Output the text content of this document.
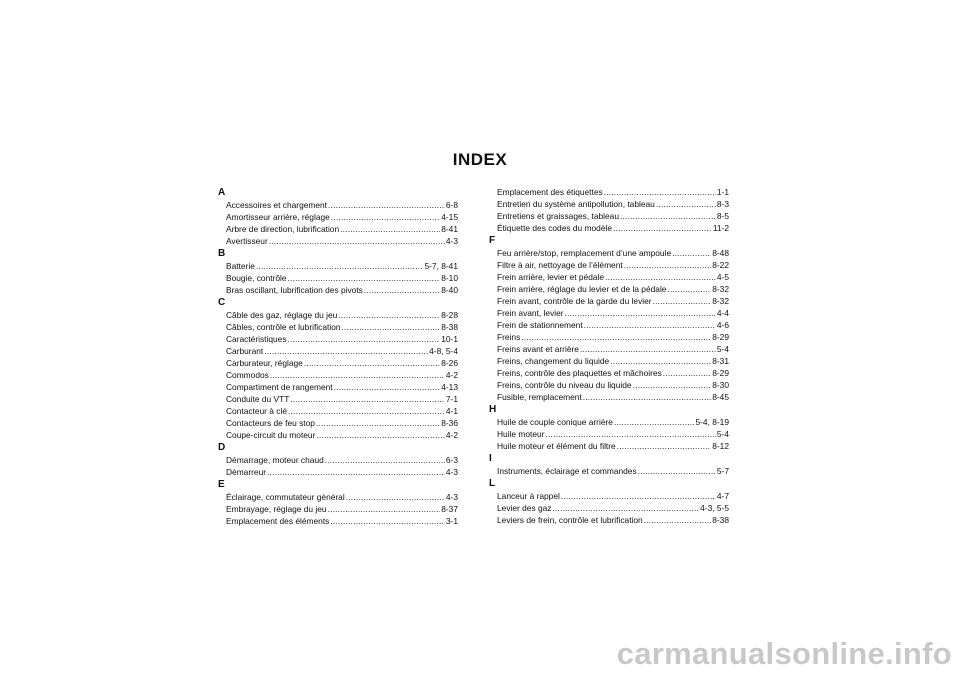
INDEX
A
Accessoires et chargement .....	6-8
Amortisseur arrière, réglage .....	4-15
Arbre de direction, lubrification .....	8-41
Avertisseur .....	4-3
B
Batterie .....	5-7, 8-41
Bougie, contrôle .....	8-10
Bras oscillant, lubrification des pivots .....	8-40
C
Câble des gaz, réglage du jeu .....	8-28
Câbles, contrôle et lubrification .....	8-38
Caractéristiques .....	10-1
Carburant .....	4-8, 5-4
Carburateur, réglage .....	8-26
Commodos .....	4-2
Compartiment de rangement .....	4-13
Conduite du VTT .....	7-1
Contacteur à clé .....	4-1
Contacteurs de feu stop .....	8-36
Coupe-circuit du moteur .....	4-2
D
Démarrage, moteur chaud .....	6-3
Démarreur .....	4-3
E
Éclairage, commutateur général .....	4-3
Embrayage, réglage du jeu .....	8-37
Emplacement des éléments .....	3-1
Emplacement des étiquettes .....	1-1
Entretien du système antipollution, tableau .....	8-3
Entretiens et graissages, tableau .....	8-5
Étiquette des codes du modèle .....	11-2
F
Feu arrière/stop, remplacement d’une ampoule .....	8-48
Filtre à air, nettoyage de l’élément .....	8-22
Frein arrière, levier et pédale .....	4-5
Frein arrière, réglage du levier et de la pédale .....	8-32
Frein avant, contrôle de la garde du levier .....	8-32
Frein avant, levier .....	4-4
Frein de stationnement .....	4-6
Freins .....	8-29
Freins avant et arrière .....	5-4
Freins, changement du liquide .....	8-31
Freins, contrôle des plaquettes et mâchoires .....	8-29
Freins, contrôle du niveau du liquide .....	8-30
Fusible, remplacement .....	8-45
H
Huile de couple conique arrière .....	5-4, 8-19
Huile moteur .....	5-4
Huile moteur et élément du filtre .....	8-12
I
Instruments, éclairage et commandes .....	5-7
L
Lanceur à rappel .....	4-7
Levier des gaz .....	4-3, 5-5
Leviers de frein, contrôle et lubrification .....	8-38
carmanualsonline.info
